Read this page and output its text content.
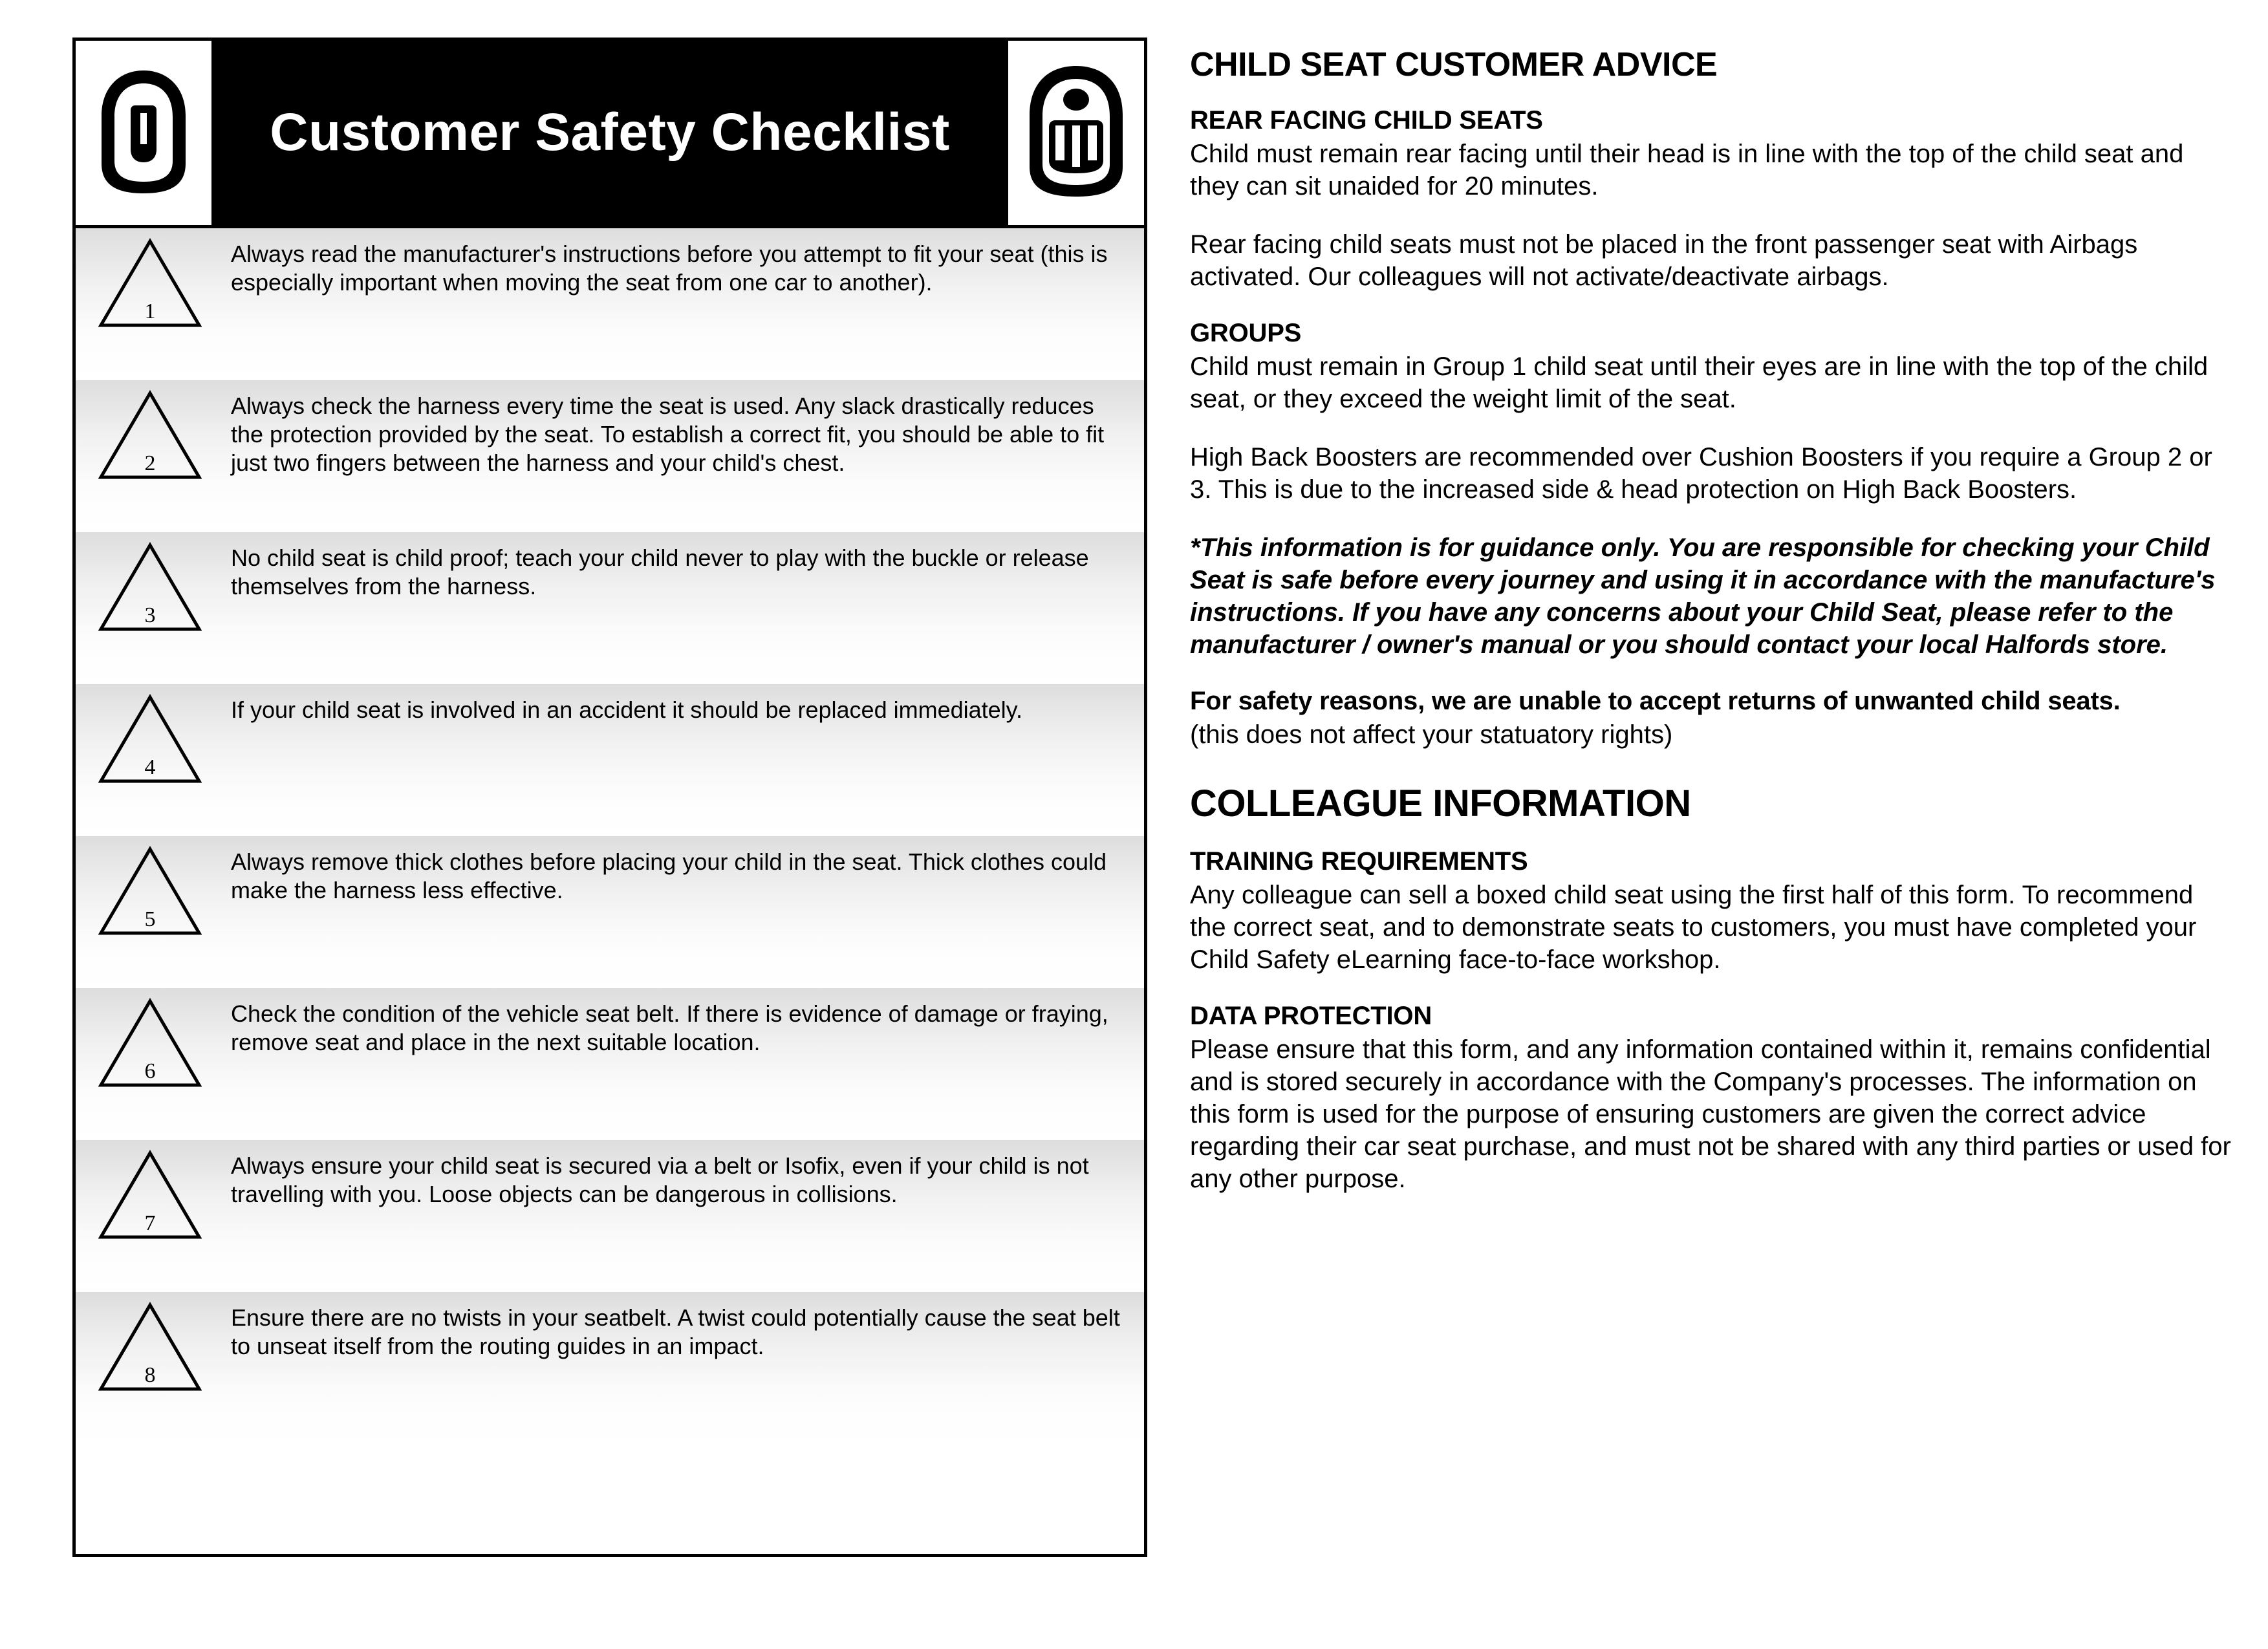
Customer Safety Checklist
1
Always read the manufacturer's instructions before you attempt to fit your seat (this is especially important when moving the seat from one car to another).
2
Always check the harness every time the seat is used. Any slack drastically reduces the protection provided by the seat. To establish a correct fit, you should be able to fit just two fingers between the harness and your child's chest.
3
No child seat is child proof; teach your child never to play with the buckle or release themselves from the harness.
4
If your child seat is involved in an accident it should be replaced immediately.
5
Always remove thick clothes before placing your child in the seat. Thick clothes could make the harness less effective.
6
Check the condition of the vehicle seat belt. If there is evidence of damage or fraying, remove seat and place in the next suitable location.
7
Always ensure your child seat is secured via a belt or Isofix, even if your child is not travelling with you. Loose objects can be dangerous in collisions.
8
Ensure there are no twists in your seatbelt. A twist could potentially cause the seat belt to unseat itself from the routing guides in an impact.
CHILD SEAT CUSTOMER ADVICE
REAR FACING CHILD SEATS
Child must remain rear facing until their head is in line with the top of the child seat and they can sit unaided for 20 minutes.
Rear facing child seats must not be placed in the front passenger seat with Airbags activated. Our colleagues will not activate/deactivate airbags.
GROUPS
Child must remain in Group 1 child seat until their eyes are in line with the top of the child seat, or they exceed the weight limit of the seat.
High Back Boosters are recommended over Cushion Boosters if you require a Group 2 or 3. This is due to the increased side & head protection on High Back Boosters.
*This information is for guidance only. You are responsible for checking your Child Seat is safe before every journey and using it in accordance with the manufacture's instructions. If you have any concerns about your Child Seat, please refer to the manufacturer / owner's manual or you should contact your local Halfords store.
For safety reasons, we are unable to accept returns of unwanted child seats.
(this does not affect your statuatory rights)
COLLEAGUE INFORMATION
TRAINING REQUIREMENTS
Any colleague can sell a boxed child seat using the first half of this form. To recommend the correct seat, and to demonstrate seats to customers, you must have completed your Child Safety eLearning face-to-face workshop.
DATA PROTECTION
Please ensure that this form, and any information contained within it, remains confidential and is stored securely in accordance with the Company's processes. The information on this form is used for the purpose of ensuring customers are given the correct advice regarding their car seat purchase, and must not be shared with any third parties or used for any other purpose.
